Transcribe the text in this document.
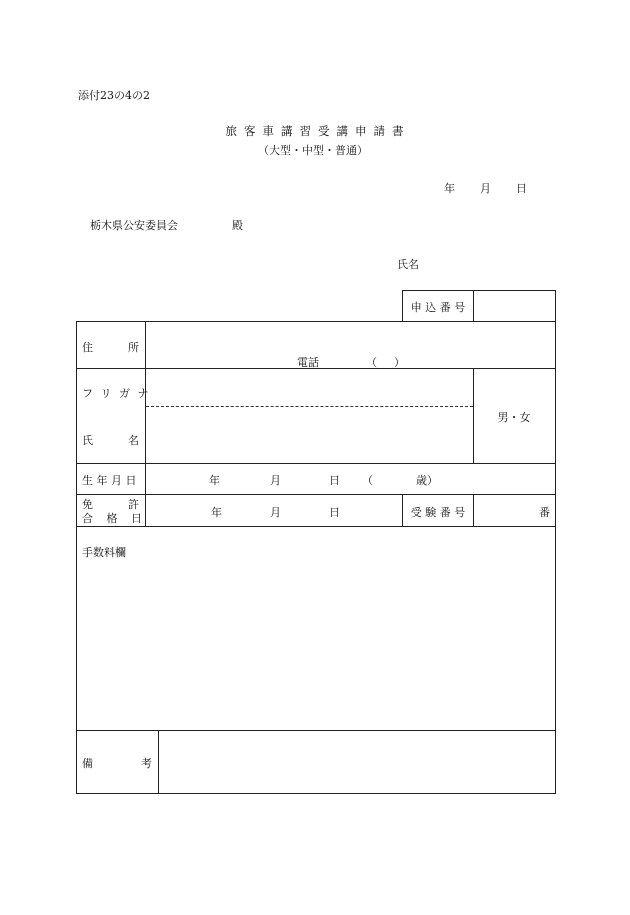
添付23の4の2
旅客車講習受講申請書
（大型・中型・普通）
年 月 日
栃木県公安委員会	殿
氏名
申 込 番 号
住	所
電話	（ ）
フ リ ガ ナ
氏	名
男・女
生 年 月 日	年	月	日 （	歳）
免	許
合 格 日	年	月	日	受 験 番 号	番
手数料欄
備	考
